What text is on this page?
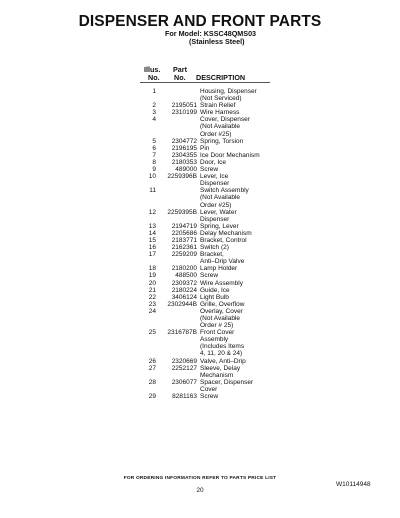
DISPENSER AND FRONT PARTS
For Model: KSSC48QMS03
(Stainless Steel)
Illus.
No.
Part
No. DESCRIPTION
1	Housing, Dispenser
(Not Serviced)
2	2195051 Strain Relief
3	2310199 Wire Harness
4	Cover, Dispenser
(Not Available
Order #25)
5	2304772 Spring, Torsion
6	2196195 Pin
7	2304355 Ice Door Mechanism
8	2180353 Door, Ice
9	489000 Screw
10	2259396B Lever, Ice
Dispenser
11	Switch Assembly
(Not Available
Order #25)
12	2259395B Lever, Water
Dispenser
13	2194719 Spring, Lever
14	2205686 Delay Mechanism
15	2183771 Bracket, Control
16	2162361 Switch (2)
17	2259209 Bracket,
Anti–Drip Valve
18	2180200 Lamp Holder
19	488500 Screw
20	2309372 Wire Assembly
21	2180224 Guide, Ice
22	3406124 Light Bulb
23	2302944B Grille, Overflow
24	Overlay, Cover
(Not Available
Order # 25)
25	2316787B Front Cover
Assembly
(Includes Items
4, 11, 20 & 24)
26	2320669 Valve, Anti–Drip
27	2252127 Sleeve, Delay
Mechanism
28	2306077 Spacer, Dispenser
Cover
29	8281163 Screw
FOR ORDERING INFORMATION REFER TO PARTS PRICE LIST
20
W10114948
